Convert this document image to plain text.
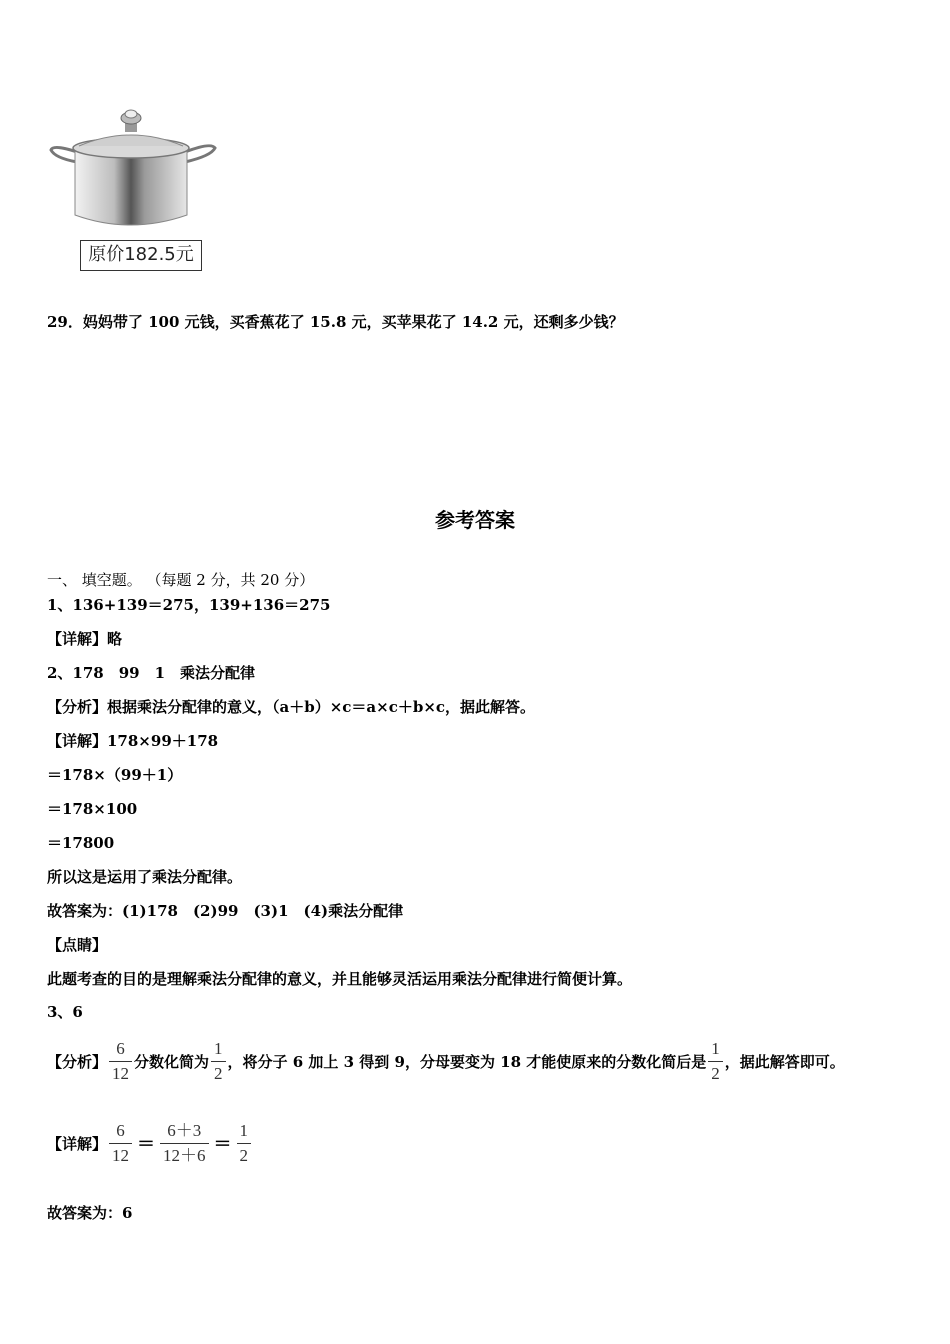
原价182.5元
29．妈妈带了 100 元钱，买香蕉花了 15.8 元，买苹果花了 14.2 元，还剩多少钱？
参考答案
一、 填空题。 （每题 2 分，共 20 分）
1、136+139＝275，139+136＝275
【详解】略
2、178　99　1　乘法分配律
【分析】根据乘法分配律的意义，（a＋b）×c＝a×c＋b×c，据此解答。
【详解】178×99＋178
＝178×（99＋1）
＝178×100
＝17800
所以这是运用了乘法分配律。
故答案为：(1)178　(2)99　(3)1　(4)乘法分配律
【点睛】
此题考查的目的是理解乘法分配律的意义，并且能够灵活运用乘法分配律进行简便计算。
3、6
【分析】 $\frac{6}{12}$ 分数化简为 $\frac{1}{2}$ ，将分子 6 加上 3 得到 9，分母要变为 18 才能使原来的分数化简后是 $\frac{1}{2}$ ，据此解答即可。
【详解】 $\frac{6}{12} = \frac{6+3}{12+6} = \frac{1}{2}$
故答案为：6
